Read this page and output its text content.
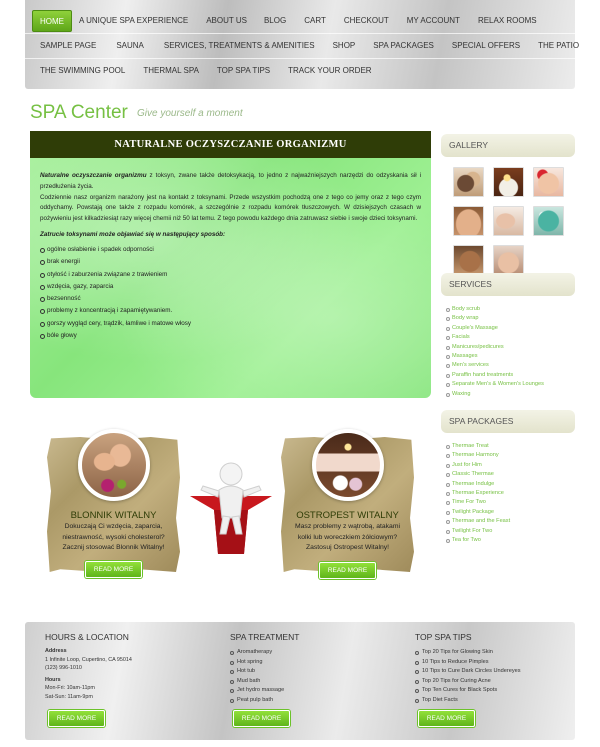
HOME	A UNIQUE SPA EXPERIENCE	ABOUT US	BLOG	CART	CHECKOUT	MY ACCOUNT	RELAX ROOMS
SAMPLE PAGE	SAUNA	SERVICES, TREATMENTS & AMENITIES	SHOP	SPA PACKAGES	SPECIAL OFFERS	THE PATIO
THE SWIMMING POOL	THERMAL SPA	TOP SPA TIPS	TRACK YOUR ORDER
SPA Center Give yourself a moment
NATURALNE OCZYSZCZANIE ORGANIZMU

Naturalne oczyszczanie organizmu z toksyn, zwane także detoksykacją, to jedno z najważniejszych narzędzi do odzyskania sił i przedłużenia życia.

Codziennie nasz organizm narażony jest na kontakt z toksynami. Przede wszystkim pochodzą one z tego co jemy oraz z tego czym oddychamy. Powstają one także z rozpadu komórek, a szczególnie z rozpadu komórek tłuszczowych. W dzisiejszych czasach w pożywieniu jest kilkadziesiąt razy więcej chemii niż 50 lat temu. Z tego powodu każdego dnia zatruwasz siebie i swoje dzieci toksynami.

Zatrucie toksynami może objawiać się w następujący sposób:

ogólne osłabienie i spadek odporności
brak energii
otyłość i zaburzenia związane z trawieniem
wzdęcia, gazy, zaparcia
bezsenność
problemy z koncentracją i zapamiętywaniem.
gorszy wygląd cery, trądzik, łamliwe i matowe włosy
bóle głowy
GALLERY
SERVICES
Body scrub
Body wrap
Couple's Massage
Facials
Manicures/pedicures
Massages
Men's services
Paraffin hand treatments
Separate Men's & Women's Lounges
Waxing
SPA PACKAGES
Thermae Treat
Thermae Harmony
Just for Him
Classic Thermae
Thermae Indulge
Thermae Experience
Time For Two
Twilight Package
Thermae and the Feast
Twilight For Two
Tea for Two
BLONNIK WITALNY
Dokuczają Ci wzdęcia, zaparcia, niestrawność, wysoki cholesterol? Zacznij stosować Blonnik Witalny!
READ MORE
OSTROPEST WITALNY
Masz problemy z wątrobą, atakami kolki lub woreczkiem żółciowym? Zastosuj Ostropest Witalny!
READ MORE
HOURS & LOCATION
Address
1 Infinite Loop, Cupertino, CA 95014
(123) 996-1010
Hours
Mon-Fri: 10am-11pm
Sat-Sun: 11am-9pm
READ MORE
SPA TREATMENT
Aromatherapy
Hot spring
Hot tub
Mud bath
Jet hydro massage
Peat pulp bath
READ MORE
TOP SPA TIPS
Top 20 Tips for Glowing Skin
10 Tips to Reduce Pimples
10 Tips to Cure Dark Circles Undereyes
Top 20 Tips for Curing Acne
Top Ten Cures for Black Spots
Top Diet Facts
READ MORE
